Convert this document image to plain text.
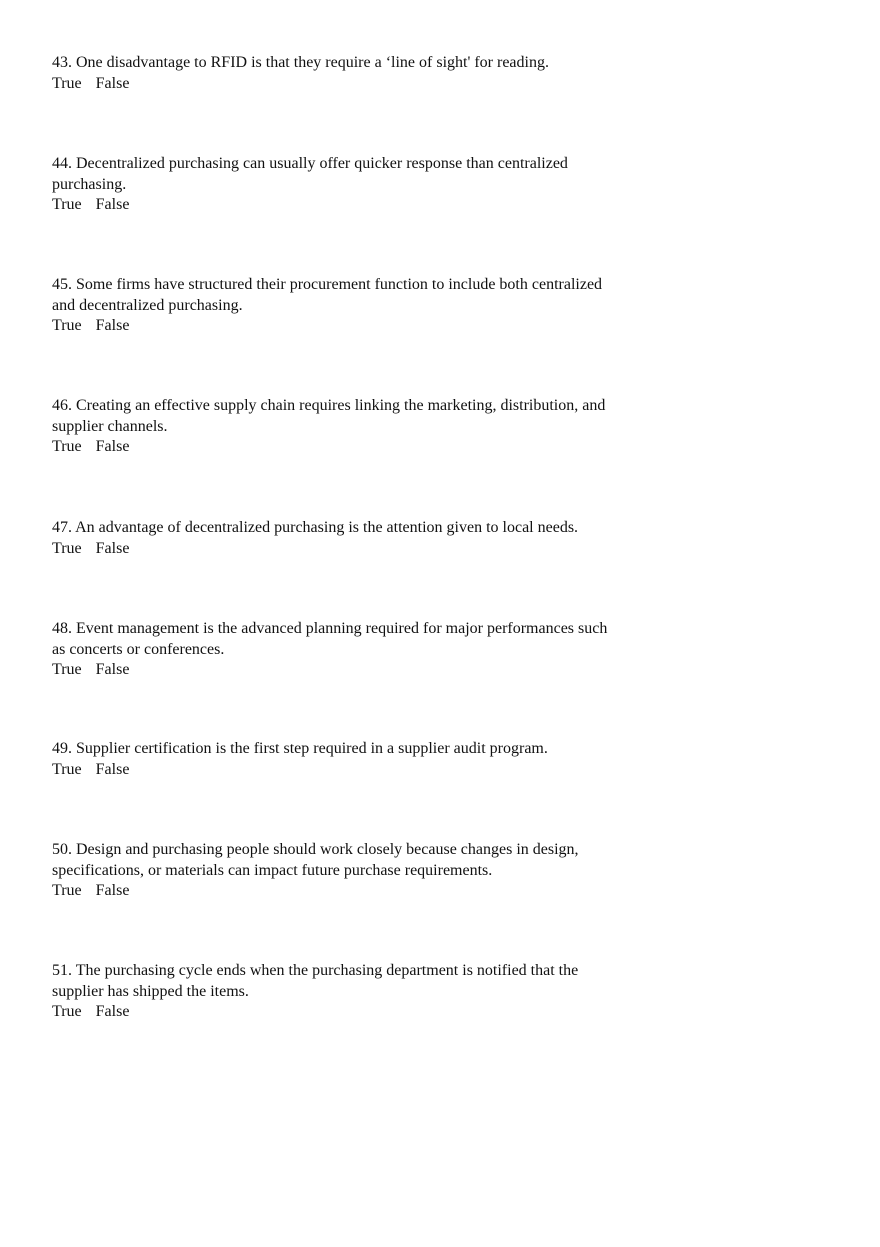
43. One disadvantage to RFID is that they require a ‘line of sight' for reading.
True False
44. Decentralized purchasing can usually offer quicker response than centralized
purchasing.
True False
45. Some firms have structured their procurement function to include both centralized
and decentralized purchasing.
True False
46. Creating an effective supply chain requires linking the marketing, distribution, and
supplier channels.
True False
47. An advantage of decentralized purchasing is the attention given to local needs.
True False
48. Event management is the advanced planning required for major performances such
as concerts or conferences.
True False
49. Supplier certification is the first step required in a supplier audit program.
True False
50. Design and purchasing people should work closely because changes in design,
specifications, or materials can impact future purchase requirements.
True False
51. The purchasing cycle ends when the purchasing department is notified that the
supplier has shipped the items.
True False
